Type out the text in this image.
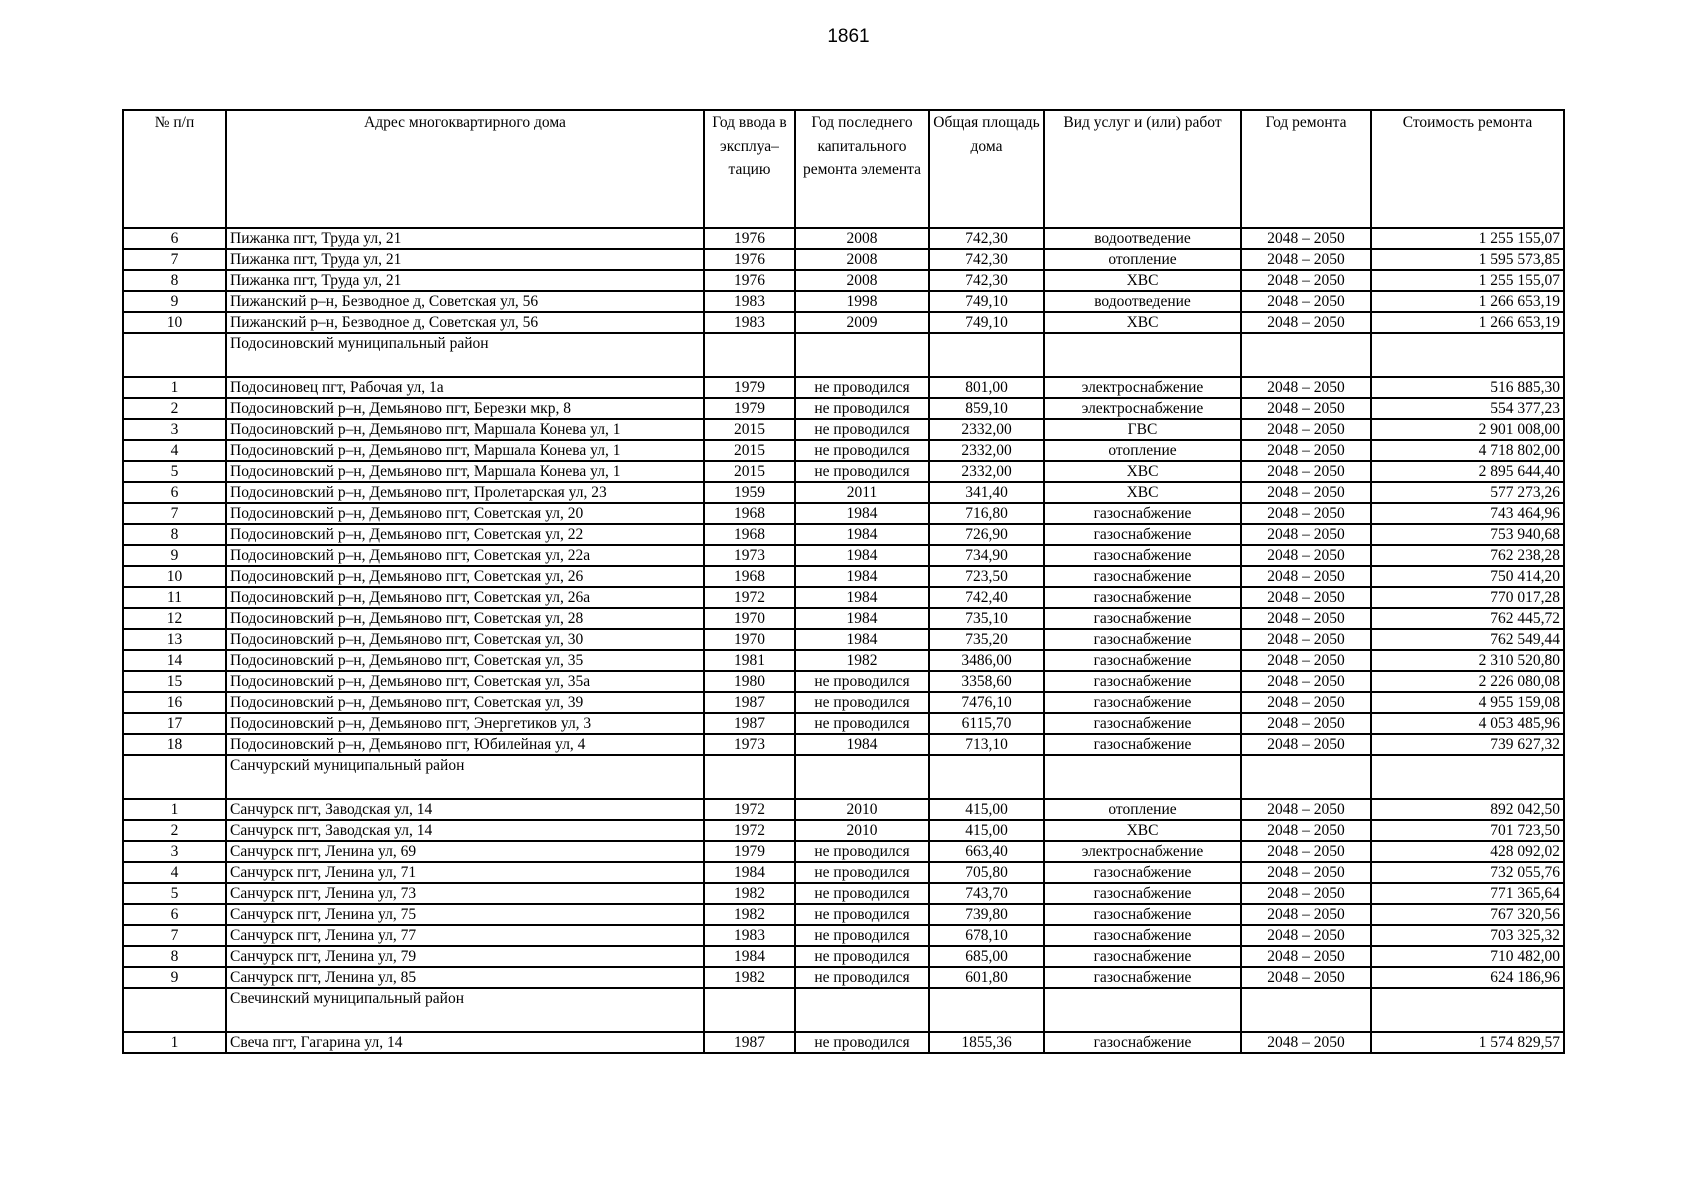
1861
№ п/п	Адрес многоквартирного дома	Год ввода в эксплуа– тацию	Год последнего капитального ремонта элемента	Общая площадь дома	Вид услуг и (или) работ	Год ремонта	Стоимость ремонта
6	Пижанка пгт, Труда ул, 21	1976	2008	742,30	водоотведение	2048 – 2050	1 255 155,07
7	Пижанка пгт, Труда ул, 21	1976	2008	742,30	отопление	2048 – 2050	1 595 573,85
8	Пижанка пгт, Труда ул, 21	1976	2008	742,30	ХВС	2048 – 2050	1 255 155,07
9	Пижанский р–н, Безводное д, Советская ул, 56	1983	1998	749,10	водоотведение	2048 – 2050	1 266 653,19
10	Пижанский р–н, Безводное д, Советская ул, 56	1983	2009	749,10	ХВС	2048 – 2050	1 266 653,19
	Подосиновский муниципальный район						
1	Подосиновец пгт, Рабочая ул, 1а	1979	не проводился	801,00	электроснабжение	2048 – 2050	516 885,30
2	Подосиновский р–н, Демьяново пгт, Березки мкр, 8	1979	не проводился	859,10	электроснабжение	2048 – 2050	554 377,23
3	Подосиновский р–н, Демьяново пгт, Маршала Конева ул, 1	2015	не проводился	2332,00	ГВС	2048 – 2050	2 901 008,00
4	Подосиновский р–н, Демьяново пгт, Маршала Конева ул, 1	2015	не проводился	2332,00	отопление	2048 – 2050	4 718 802,00
5	Подосиновский р–н, Демьяново пгт, Маршала Конева ул, 1	2015	не проводился	2332,00	ХВС	2048 – 2050	2 895 644,40
6	Подосиновский р–н, Демьяново пгт, Пролетарская ул, 23	1959	2011	341,40	ХВС	2048 – 2050	577 273,26
7	Подосиновский р–н, Демьяново пгт, Советская ул, 20	1968	1984	716,80	газоснабжение	2048 – 2050	743 464,96
8	Подосиновский р–н, Демьяново пгт, Советская ул, 22	1968	1984	726,90	газоснабжение	2048 – 2050	753 940,68
9	Подосиновский р–н, Демьяново пгт, Советская ул, 22а	1973	1984	734,90	газоснабжение	2048 – 2050	762 238,28
10	Подосиновский р–н, Демьяново пгт, Советская ул, 26	1968	1984	723,50	газоснабжение	2048 – 2050	750 414,20
11	Подосиновский р–н, Демьяново пгт, Советская ул, 26а	1972	1984	742,40	газоснабжение	2048 – 2050	770 017,28
12	Подосиновский р–н, Демьяново пгт, Советская ул, 28	1970	1984	735,10	газоснабжение	2048 – 2050	762 445,72
13	Подосиновский р–н, Демьяново пгт, Советская ул, 30	1970	1984	735,20	газоснабжение	2048 – 2050	762 549,44
14	Подосиновский р–н, Демьяново пгт, Советская ул, 35	1981	1982	3486,00	газоснабжение	2048 – 2050	2 310 520,80
15	Подосиновский р–н, Демьяново пгт, Советская ул, 35а	1980	не проводился	3358,60	газоснабжение	2048 – 2050	2 226 080,08
16	Подосиновский р–н, Демьяново пгт, Советская ул, 39	1987	не проводился	7476,10	газоснабжение	2048 – 2050	4 955 159,08
17	Подосиновский р–н, Демьяново пгт, Энергетиков ул, 3	1987	не проводился	6115,70	газоснабжение	2048 – 2050	4 053 485,96
18	Подосиновский р–н, Демьяново пгт, Юбилейная ул, 4	1973	1984	713,10	газоснабжение	2048 – 2050	739 627,32
	Санчурский муниципальный район						
1	Санчурск пгт, Заводская ул, 14	1972	2010	415,00	отопление	2048 – 2050	892 042,50
2	Санчурск пгт, Заводская ул, 14	1972	2010	415,00	ХВС	2048 – 2050	701 723,50
3	Санчурск пгт, Ленина ул, 69	1979	не проводился	663,40	электроснабжение	2048 – 2050	428 092,02
4	Санчурск пгт, Ленина ул, 71	1984	не проводился	705,80	газоснабжение	2048 – 2050	732 055,76
5	Санчурск пгт, Ленина ул, 73	1982	не проводился	743,70	газоснабжение	2048 – 2050	771 365,64
6	Санчурск пгт, Ленина ул, 75	1982	не проводился	739,80	газоснабжение	2048 – 2050	767 320,56
7	Санчурск пгт, Ленина ул, 77	1983	не проводился	678,10	газоснабжение	2048 – 2050	703 325,32
8	Санчурск пгт, Ленина ул, 79	1984	не проводился	685,00	газоснабжение	2048 – 2050	710 482,00
9	Санчурск пгт, Ленина ул, 85	1982	не проводился	601,80	газоснабжение	2048 – 2050	624 186,96
	Свечинский муниципальный район						
1	Свеча пгт, Гагарина ул, 14	1987	не проводился	1855,36	газоснабжение	2048 – 2050	1 574 829,57
